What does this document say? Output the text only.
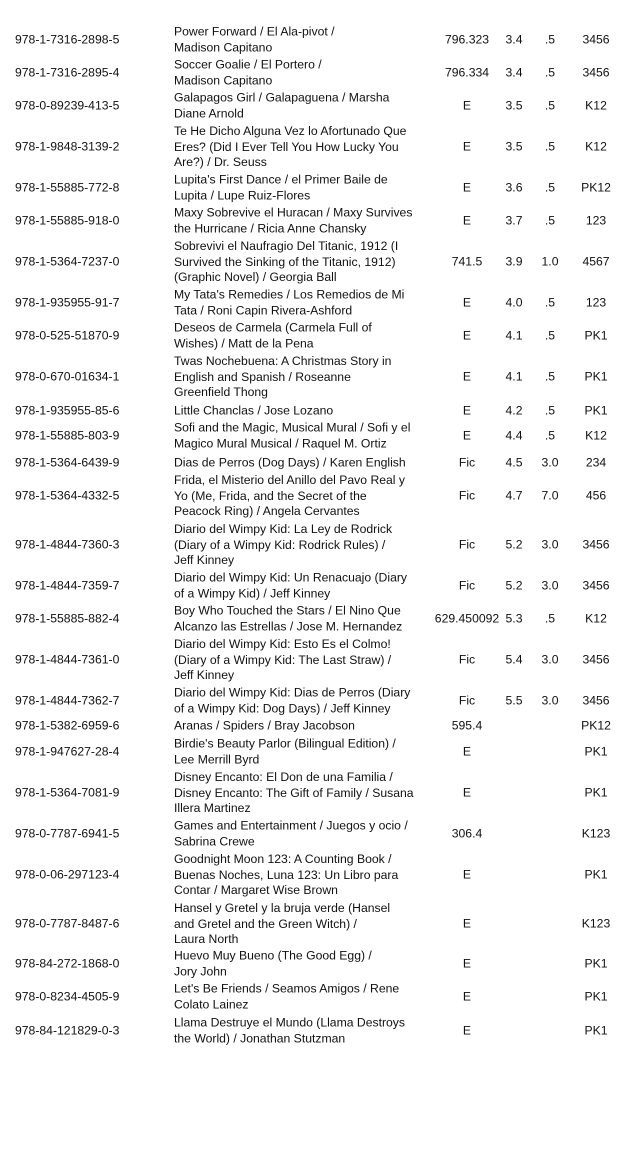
978-1-7316-2898-5
Power Forward / El Ala-pivot /
Madison Capitano
796.323 3.4 .5 3456
978-1-7316-2895-4
Soccer Goalie / El Portero /
Madison Capitano
796.334 3.4 .5 3456
978-0-89239-413-5
Galapagos Girl / Galapaguena / Marsha
Diane Arnold
E	3.5 .5 K12
978-1-9848-3139-2
Te He Dicho Alguna Vez lo Afortunado Que
Eres? (Did I Ever Tell You How Lucky You
Are?) / Dr. Seuss
E	3.5 .5 K12
978-1-55885-772-8
Lupita's First Dance / el Primer Baile de
Lupita / Lupe Ruiz-Flores
E	3.6 .5 PK12
978-1-55885-918-0
Maxy Sobrevive el Huracan / Maxy Survives
the Hurricane / Ricia Anne Chansky
E	3.7 .5	123
978-1-5364-7237-0
Sobrevivi el Naufragio Del Titanic, 1912 (I
Survived the Sinking of the Titanic, 1912)
(Graphic Novel) / Georgia Ball
741.5 3.9 1.0 4567
978-1-935955-91-7
My Tata's Remedies / Los Remedios de Mi
Tata / Roni Capin Rivera-Ashford
E	4.0 .5	123
978-0-525-51870-9
Deseos de Carmela (Carmela Full of
Wishes) / Matt de la Pena
E	4.1 .5 PK1
978-0-670-01634-1
Twas Nochebuena: A Christmas Story in
English and Spanish / Roseanne
Greenfield Thong
E	4.1 .5 PK1
978-1-935955-85-6	Little Chanclas / Jose Lozano	E	4.2 .5 PK1
978-1-55885-803-9
Sofi and the Magic, Musical Mural / Sofi y el
Magico Mural Musical / Raquel M. Ortiz
E	4.4 .5 K12
978-1-5364-6439-9	Dias de Perros (Dog Days) / Karen English	Fic 4.5 3.0 234
978-1-5364-4332-5
Frida, el Misterio del Anillo del Pavo Real y
Yo (Me, Frida, and the Secret of the
Peacock Ring) / Angela Cervantes
Fic 4.7 7.0 456
978-1-4844-7360-3
Diario del Wimpy Kid: La Ley de Rodrick
(Diary of a Wimpy Kid: Rodrick Rules) /
Jeff Kinney
Fic 5.2 3.0 3456
978-1-4844-7359-7
Diario del Wimpy Kid: Un Renacuajo (Diary
of a Wimpy Kid) / Jeff Kinney
Fic 5.2 3.0 3456
978-1-55885-882-4
Boy Who Touched the Stars / El Nino Que
Alcanzo las Estrellas / Jose M. Hernandez
629.450092 5.3 .5 K12
978-1-4844-7361-0
Diario del Wimpy Kid: Esto Es el Colmo!
(Diary of a Wimpy Kid: The Last Straw) /
Jeff Kinney
Fic 5.4 3.0 3456
978-1-4844-7362-7
Diario del Wimpy Kid: Dias de Perros (Diary
of a Wimpy Kid: Dog Days) / Jeff Kinney
Fic 5.5 3.0 3456
978-1-5382-6959-6	Aranas / Spiders / Bray Jacobson	595.4	PK12
978-1-947627-28-4
Birdie's Beauty Parlor (Bilingual Edition) /
Lee Merrill Byrd
E	PK1
978-1-5364-7081-9
Disney Encanto: El Don de una Familia /
Disney Encanto: The Gift of Family / Susana
Illera Martinez
E	PK1
978-0-7787-6941-5
Games and Entertainment / Juegos y ocio /
Sabrina Crewe
306.4	K123
978-0-06-297123-4
Goodnight Moon 123: A Counting Book /
Buenas Noches, Luna 123: Un Libro para
Contar / Margaret Wise Brown
E	PK1
978-0-7787-8487-6
Hansel y Gretel y la bruja verde (Hansel
and Gretel and the Green Witch) /
Laura North
E	K123
978-84-272-1868-0
Huevo Muy Bueno (The Good Egg) /
Jory John
E	PK1
978-0-8234-4505-9
Let's Be Friends / Seamos Amigos / Rene
Colato Lainez
E	PK1
978-84-121829-0-3
Llama Destruye el Mundo (Llama Destroys
the World) / Jonathan Stutzman
E	PK1
